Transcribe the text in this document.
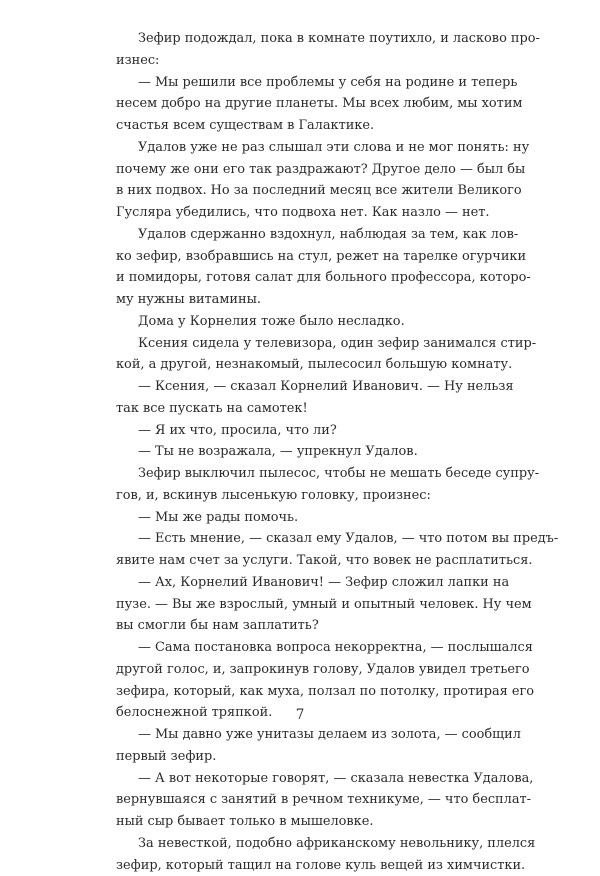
Зефир подождал, пока в комнате поутихло, и ласково про-
изнес:
— Мы решили все проблемы у себя на родине и теперь
несем добро на другие планеты. Мы всех любим, мы хотим
счастья всем существам в Галактике.
Удалов уже не раз слышал эти слова и не мог понять: ну
почему же они его так раздражают? Другое дело — был бы
в них подвох. Но за последний месяц все жители Великого
Гусляра убедились, что подвоха нет. Как назло — нет.
Удалов сдержанно вздохнул, наблюдая за тем, как лов-
ко зефир, взобравшись на стул, режет на тарелке огурчики
и помидоры, готовя салат для больного профессора, которо-
му нужны витамины.
Дома у Корнелия тоже было несладко.
Ксения сидела у телевизора, один зефир занимался стир-
кой, а другой, незнакомый, пылесосил большую комнату.
— Ксения, — сказал Корнелий Иванович. — Ну нельзя
так все пускать на самотек!
— Я их что, просила, что ли?
— Ты не возражала, — упрекнул Удалов.
Зефир выключил пылесос, чтобы не мешать беседе супру-
гов, и, вскинув лысенькую головку, произнес:
— Мы же рады помочь.
— Есть мнение, — сказал ему Удалов, — что потом вы предъ-
явите нам счет за услуги. Такой, что вовек не расплатиться.
— Ах, Корнелий Иванович! — Зефир сложил лапки на
пузе. — Вы же взрослый, умный и опытный человек. Ну чем
вы смогли бы нам заплатить?
— Сама постановка вопроса некорректна, — послышался
другой голос, и, запрокинув голову, Удалов увидел третьего
зефира, который, как муха, ползал по потолку, протирая его
белоснежной тряпкой.
— Мы давно уже унитазы делаем из золота, — сообщил
первый зефир.
— А вот некоторые говорят, — сказала невестка Удалова,
вернувшаяся с занятий в речном техникуме, — что бесплат-
ный сыр бывает только в мышеловке.
За невесткой, подобно африканскому невольнику, плелся
зефир, который тащил на голове куль вещей из химчистки.
7
